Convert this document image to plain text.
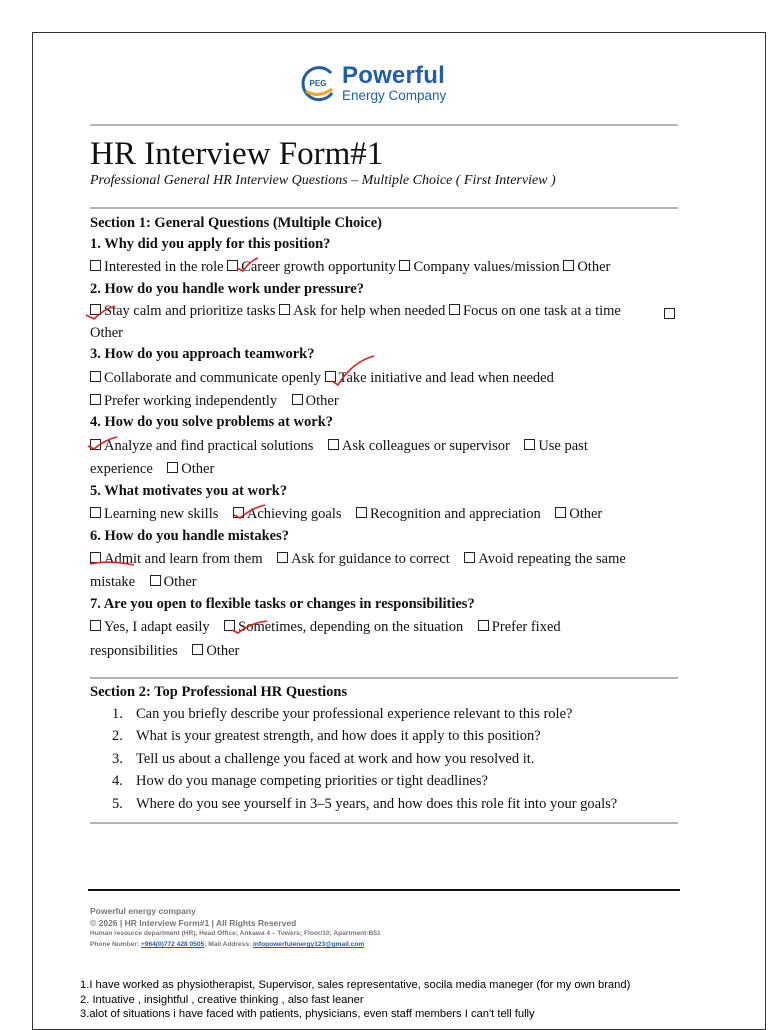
PEG Powerful
Energy Company
HR Interview Form#1
Professional General HR Interview Questions – Multiple Choice ( First Interview )
Section 1: General Questions (Multiple Choice)
1. Why did you apply for this position?
Interested in the role Career growth opportunity Company values/mission Other
2. How do you handle work under pressure?
Stay calm and prioritize tasks Ask for help when needed Focus on one task at a time
Other
3. How do you approach teamwork?
Collaborate and communicate openly Take initiative and lead when needed
Prefer working independently Other
4. How do you solve problems at work?
Analyze and find practical solutions Ask colleagues or supervisor Use past
experience Other
5. What motivates you at work?
Learning new skills Achieving goals Recognition and appreciation Other
6. How do you handle mistakes?
Admit and learn from them Ask for guidance to correct Avoid repeating the same
mistake Other
7. Are you open to flexible tasks or changes in responsibilities?
Yes, I adapt easily Sometimes, depending on the situation Prefer fixed
responsibilities Other
Section 2: Top Professional HR Questions
1. Can you briefly describe your professional experience relevant to this role?
2. What is your greatest strength, and how does it apply to this position?
3. Tell us about a challenge you faced at work and how you resolved it.
4. How do you manage competing priorities or tight deadlines?
5. Where do you see yourself in 3–5 years, and how does this role fit into your goals?
Powerful energy company
© 2026 | HR Interview Form#1 | All Rights Reserved
Human resource department (HR), Head Office; Ankawa 4 – Towers; Floor/10; Apartment-B51
Phone Number: +964(0)772 428 0505; Mail Address: infopowerfulenergy123@gmail.com
1.I have worked as physiotherapist, Supervisor, sales representative, socila media maneger (for my own brand)
2. Intuative , insightful , creative thinking , also fast leaner
3.alot of situations i have faced with patients, physicians, even staff members I can't tell fully
